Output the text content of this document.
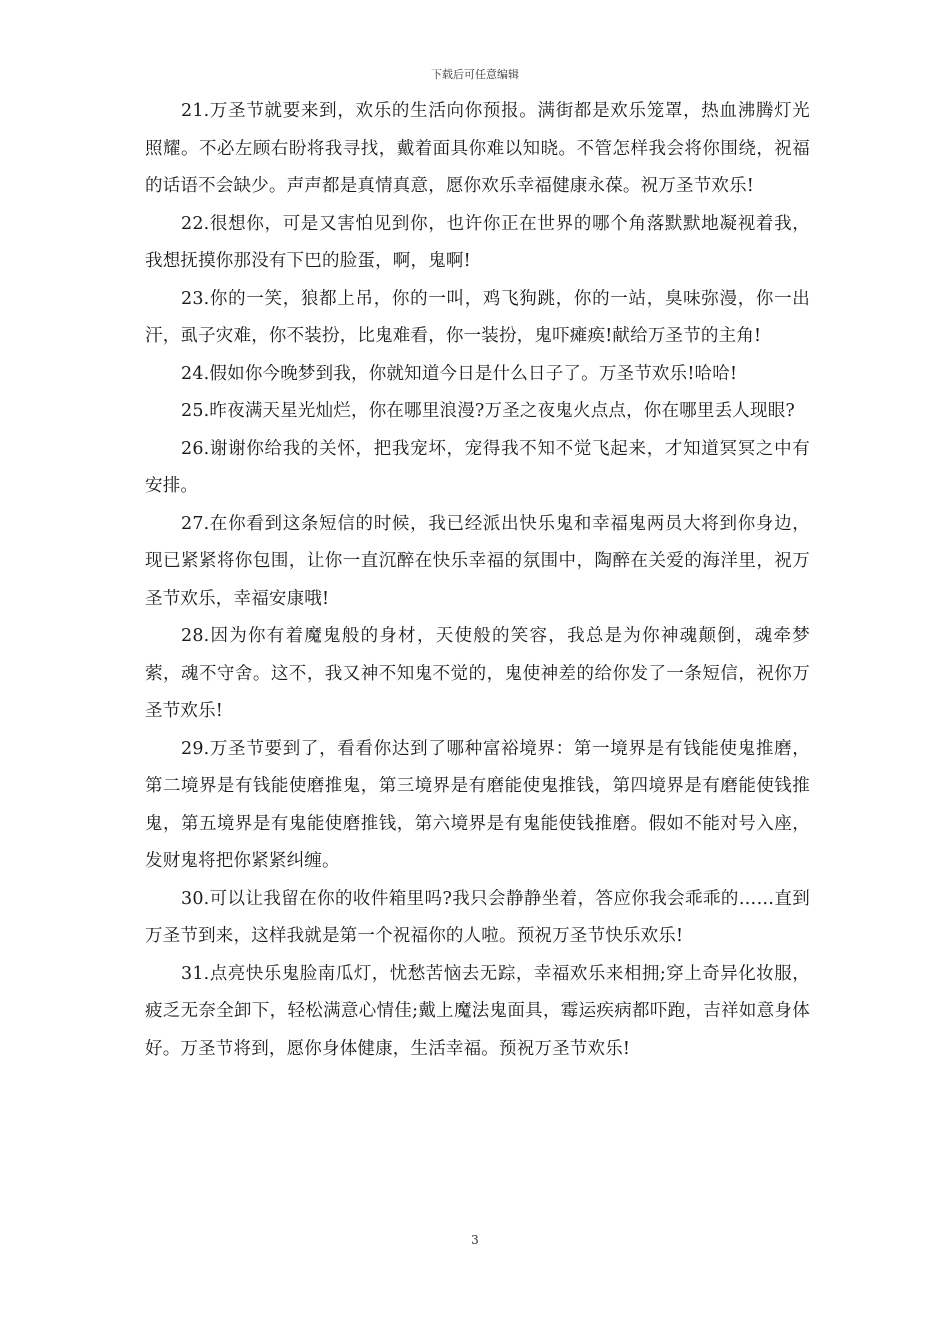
下载后可任意编辑

21.万圣节就要来到，欢乐的生活向你预报。满街都是欢乐笼罩，热血沸腾灯光照耀。不必左顾右盼将我寻找，戴着面具你难以知晓。不管怎样我会将你围绕，祝福的话语不会缺少。声声都是真情真意，愿你欢乐幸福健康永葆。祝万圣节欢乐!

22.很想你，可是又害怕见到你，也许你正在世界的哪个角落默默地凝视着我，我想抚摸你那没有下巴的脸蛋，啊，鬼啊!

23.你的一笑，狼都上吊，你的一叫，鸡飞狗跳，你的一站，臭味弥漫，你一出汗，虱子灾难，你不装扮，比鬼难看，你一装扮，鬼吓瘫痪!献给万圣节的主角!

24.假如你今晚梦到我，你就知道今日是什么日子了。万圣节欢乐!哈哈!

25.昨夜满天星光灿烂，你在哪里浪漫?万圣之夜鬼火点点，你在哪里丢人现眼?

26.谢谢你给我的关怀，把我宠坏，宠得我不知不觉飞起来，才知道冥冥之中有安排。

27.在你看到这条短信的时候，我已经派出快乐鬼和幸福鬼两员大将到你身边，现已紧紧将你包围，让你一直沉醉在快乐幸福的氛围中，陶醉在关爱的海洋里，祝万圣节欢乐，幸福安康哦!

28.因为你有着魔鬼般的身材，天使般的笑容，我总是为你神魂颠倒，魂牵梦萦，魂不守舍。这不，我又神不知鬼不觉的，鬼使神差的给你发了一条短信，祝你万圣节欢乐!

29.万圣节要到了，看看你达到了哪种富裕境界：第一境界是有钱能使鬼推磨，第二境界是有钱能使磨推鬼，第三境界是有磨能使鬼推钱，第四境界是有磨能使钱推鬼，第五境界是有鬼能使磨推钱，第六境界是有鬼能使钱推磨。假如不能对号入座，发财鬼将把你紧紧纠缠。

30.可以让我留在你的收件箱里吗?我只会静静坐着，答应你我会乖乖的……直到万圣节到来，这样我就是第一个祝福你的人啦。预祝万圣节快乐欢乐!

31.点亮快乐鬼脸南瓜灯，忧愁苦恼去无踪，幸福欢乐来相拥;穿上奇异化妆服，疲乏无奈全卸下，轻松满意心情佳;戴上魔法鬼面具，霉运疾病都吓跑，吉祥如意身体好。万圣节将到，愿你身体健康，生活幸福。预祝万圣节欢乐!

3
